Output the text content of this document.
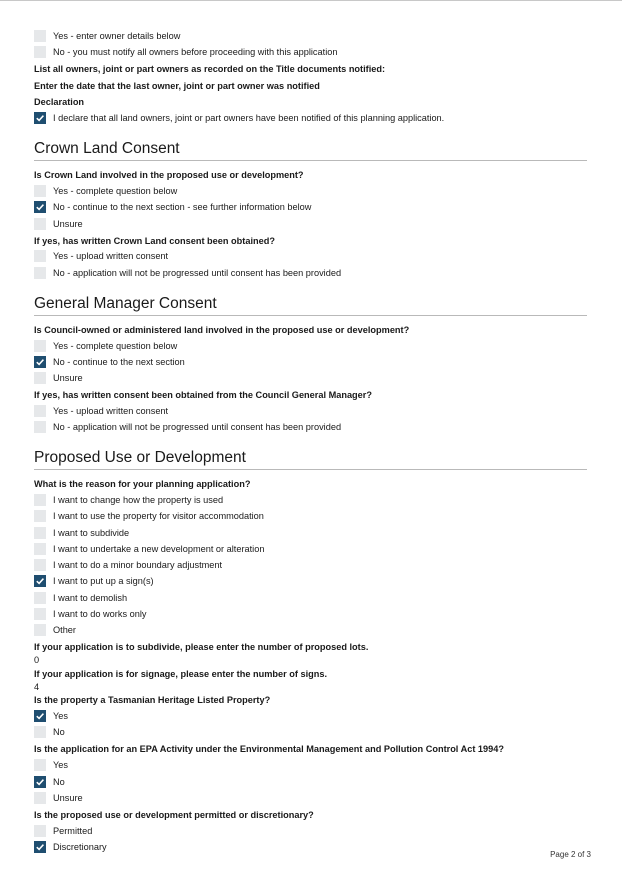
Yes - enter owner details below
No - you must notify all owners before proceeding with this application
List all owners, joint or part owners as recorded on the Title documents notified:
Enter the date that the last owner, joint or part owner was notified
Declaration
I declare that all land owners, joint or part owners have been notified of this planning application.
Crown Land Consent
Is Crown Land involved in the proposed use or development?
Yes - complete question below
No - continue to the next section - see further information below
Unsure
If yes, has written Crown Land consent been obtained?
Yes - upload written consent
No - application will not be progressed until consent has been provided
General Manager Consent
Is Council-owned or administered land involved in the proposed use or development?
Yes - complete question below
No - continue to the next section
Unsure
If yes, has written consent been obtained from the Council General Manager?
Yes - upload written consent
No - application will not be progressed until consent has been provided
Proposed Use or Development
What is the reason for your planning application?
I want to change how the property is used
I want to use the property for visitor accommodation
I want to subdivide
I want to undertake a new development or alteration
I want to do a minor boundary adjustment
I want to put up a sign(s)
I want to demolish
I want to do works only
Other
If your application is to subdivide, please enter the number of proposed lots.
0
If your application is for signage, please enter the number of signs.
4
Is the property a Tasmanian Heritage Listed Property?
Yes
No
Is the application for an EPA Activity under the Environmental Management and Pollution Control Act 1994?
Yes
No
Unsure
Is the proposed use or development permitted or discretionary?
Permitted
Discretionary
Page 2 of 3
